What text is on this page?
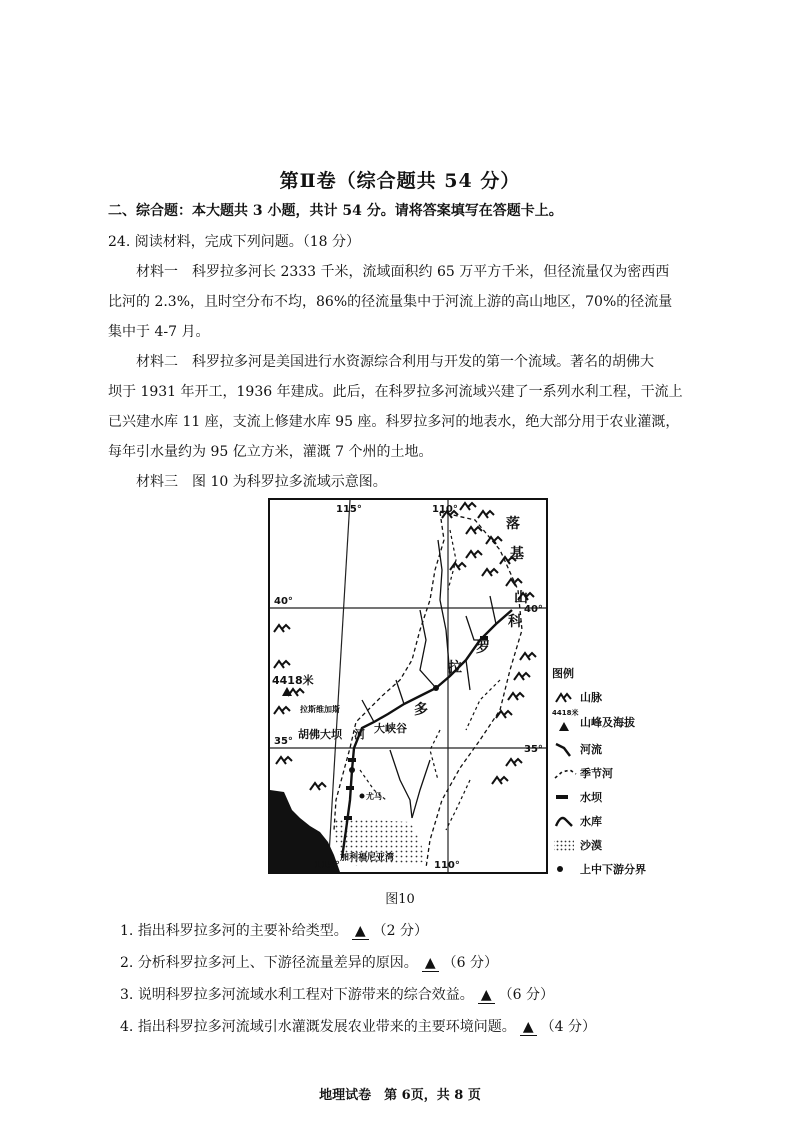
第Ⅱ卷（综合题共 54 分）
二、综合题：本大题共 3 小题，共计 54 分。请将答案填写在答题卡上。
24. 阅读材料，完成下列问题。（18 分）
材料一　科罗拉多河长 2333 千米，流域面积约 65 万平方千米，但径流量仅为密西西
比河的 2.3%，且时空分布不均，86%的径流量集中于河流上游的高山地区，70%的径流量
集中于 4-7 月。
材料二　科罗拉多河是美国进行水资源综合利用与开发的第一个流域。著名的胡佛大
坝于 1931 年开工，1936 年建成。此后，在科罗拉多河流域兴建了一系列水利工程，干流上
已兴建水库 11 座，支流上修建水库 95 座。科罗拉多河的地表水，绝大部分用于农业灌溉，
每年引水量约为 95 亿立方米，灌溉 7 个州的土地。
材料三　图 10 为科罗拉多流域示意图。
115°	110°
115°	110°
40°
40°
35°
35°
落
基
山
科
罗
拉
多
4418米
拉斯维加斯
胡佛大坝 河 大峡谷
尤马
加利福尼亚湾
图例
山脉
4418米
山峰及海拔
河流
季节河
水坝
水库
沙漠
上中下游分界
图10
1. 指出科罗拉多河的主要补给类型。 ▲ （2 分）
2. 分析科罗拉多河上、下游径流量差异的原因。 ▲ （6 分）
3. 说明科罗拉多河流域水利工程对下游带来的综合效益。 ▲ （6 分）
4. 指出科罗拉多河流域引水灌溉发展农业带来的主要环境问题。 ▲ （4 分）
地理试卷　第 6页，共 8 页
